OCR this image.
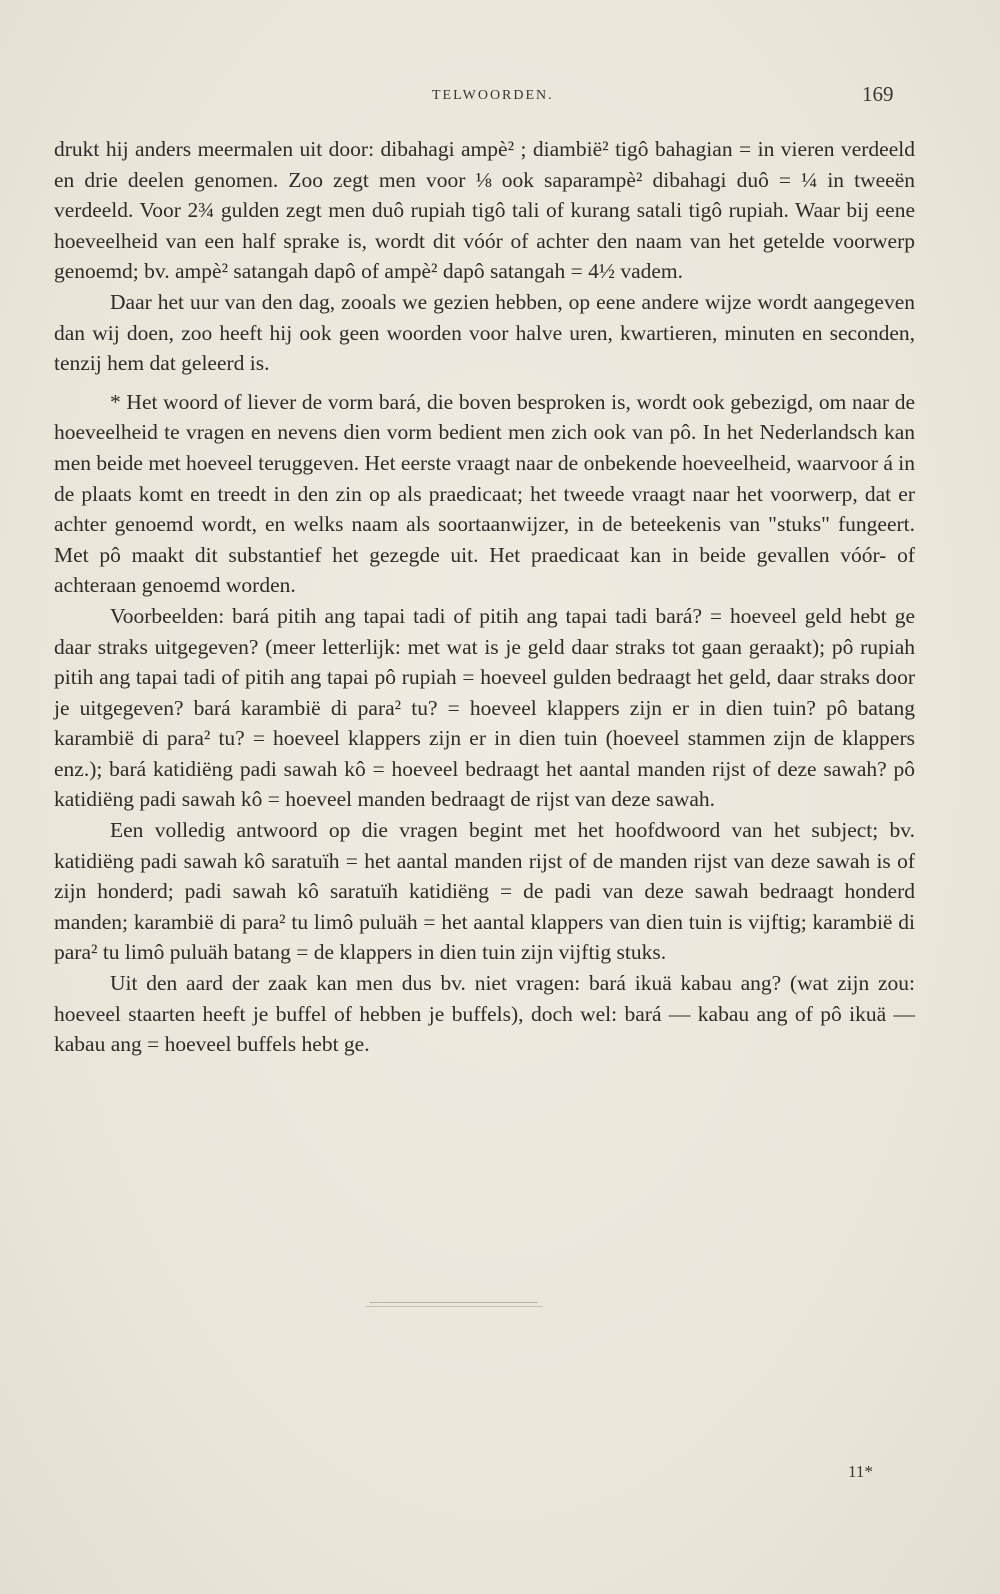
TELWOORDEN.	169

drukt hij anders meermalen uit door: dibahagi ampè² ; diambië² tigô bahagian = in vieren verdeeld en drie deelen genomen. Zoo zegt men voor ⅛ ook saparampè² dibahagi duô = ¼ in tweeën verdeeld. Voor 2¾ gulden zegt men duô rupiah tigô tali of kurang satali tigô rupiah. Waar bij eene hoeveelheid van een half sprake is, wordt dit vóór of achter den naam van het getelde voorwerp genoemd; bv. ampè² satangah dapô of ampè² dapô satangah = 4½ vadem.

Daar het uur van den dag, zooals we gezien hebben, op eene andere wijze wordt aangegeven dan wij doen, zoo heeft hij ook geen woorden voor halve uren, kwartieren, minuten en seconden, tenzij hem dat geleerd is.

* Het woord of liever de vorm bará, die boven besproken is, wordt ook gebezigd, om naar de hoeveelheid te vragen en nevens dien vorm bedient men zich ook van pô. In het Nederlandsch kan men beide met hoeveel teruggeven. Het eerste vraagt naar de onbekende hoeveelheid, waarvoor á in de plaats komt en treedt in den zin op als praedicaat; het tweede vraagt naar het voorwerp, dat er achter genoemd wordt, en welks naam als soortaanwijzer, in de beteekenis van "stuks" fungeert. Met pô maakt dit substantief het gezegde uit. Het praedicaat kan in beide gevallen vóór- of achteraan genoemd worden.

Voorbeelden: bará pitih ang tapai tadi of pitih ang tapai tadi bará? = hoeveel geld hebt ge daar straks uitgegeven? (meer letterlijk: met wat is je geld daar straks tot gaan geraakt); pô rupiah pitih ang tapai tadi of pitih ang tapai pô rupiah = hoeveel gulden bedraagt het geld, daar straks door je uitgegeven? bará karambië di para² tu? = hoeveel klappers zijn er in dien tuin? pô batang karambië di para² tu? = hoeveel klappers zijn er in dien tuin (hoeveel stammen zijn de klappers enz.); bará katidiëng padi sawah kô = hoeveel bedraagt het aantal manden rijst of deze sawah? pô katidiëng padi sawah kô = hoeveel manden bedraagt de rijst van deze sawah.

Een volledig antwoord op die vragen begint met het hoofdwoord van het subject; bv. katidiëng padi sawah kô saratuïh = het aantal manden rijst of de manden rijst van deze sawah is of zijn honderd; padi sawah kô saratuïh katidiëng = de padi van deze sawah bedraagt honderd manden; karambië di para² tu limô puluäh = het aantal klappers van dien tuin is vijftig; karambië di para² tu limô puluäh batang = de klappers in dien tuin zijn vijftig stuks.

Uit den aard der zaak kan men dus bv. niet vragen: bará ikuä kabau ang? (wat zijn zou: hoeveel staarten heeft je buffel of hebben je buffels), doch wel: bará — kabau ang of pô ikuä — kabau ang = hoeveel buffels hebt ge.

11*
